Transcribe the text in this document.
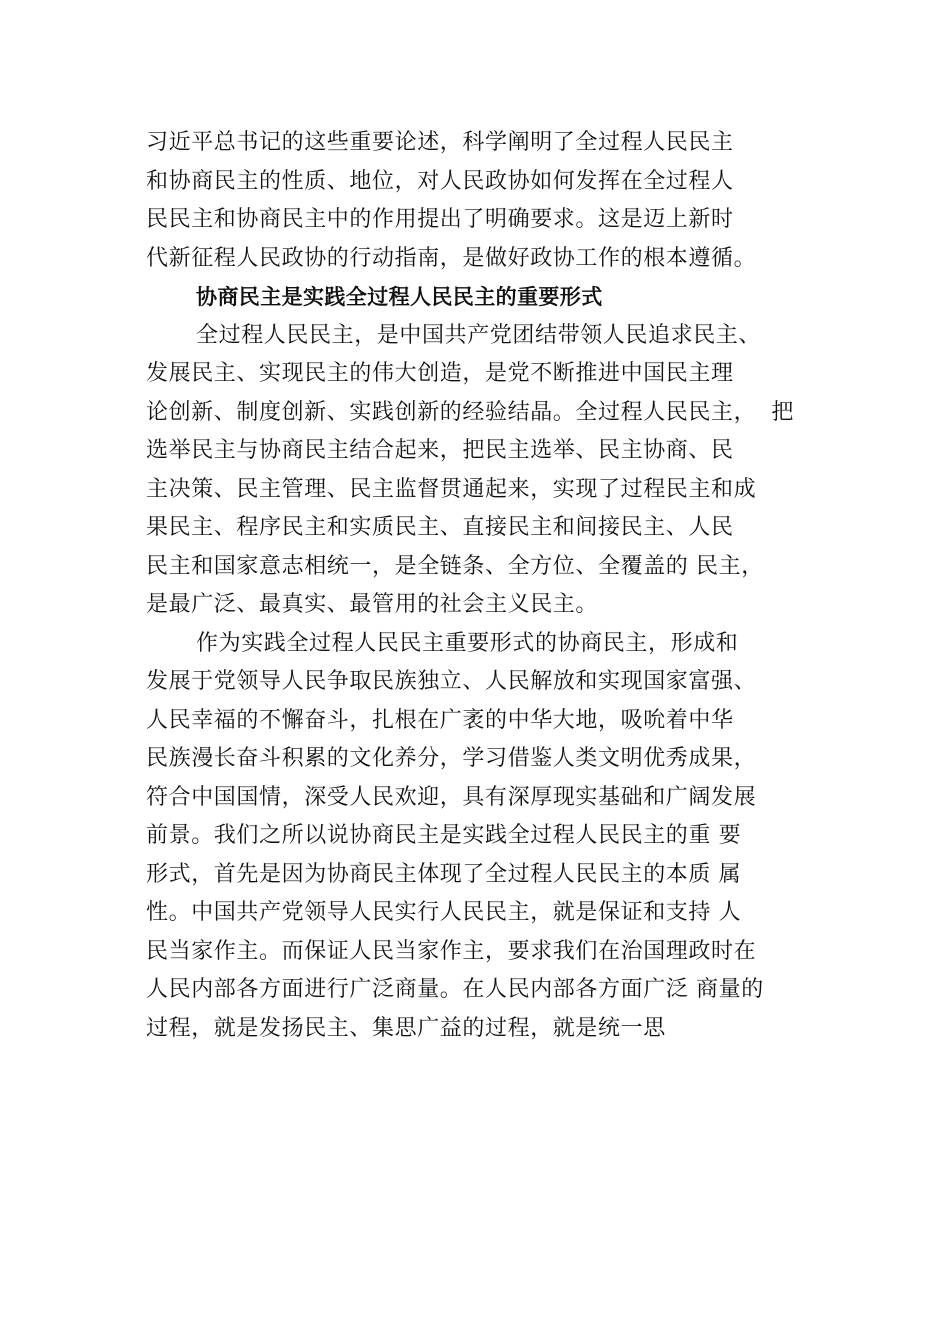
习近平总书记的这些重要论述，科学阐明了全过程人民民主
和协商民主的性质、地位，对人民政协如何发挥在全过程人
民民主和协商民主中的作用提出了明确要求。这是迈上新时
代新征程人民政协的行动指南，是做好政协工作的根本遵循。
协商民主是实践全过程人民民主的重要形式
全过程人民民主，是中国共产党团结带领人民追求民主、
发展民主、实现民主的伟大创造，是党不断推进中国民主理
论创新、制度创新、实践创新的经验结晶。全过程人民民主，  把
选举民主与协商民主结合起来，把民主选举、民主协商、民
主决策、民主管理、民主监督贯通起来，实现了过程民主和成
果民主、程序民主和实质民主、直接民主和间接民主、人民
民主和国家意志相统一，是全链条、全方位、全覆盖的 民主，
是最广泛、最真实、最管用的社会主义民主。
作为实践全过程人民民主重要形式的协商民主，形成和
发展于党领导人民争取民族独立、人民解放和实现国家富强、
人民幸福的不懈奋斗，扎根在广袤的中华大地，吸吮着中华
民族漫长奋斗积累的文化养分，学习借鉴人类文明优秀成果，
符合中国国情，深受人民欢迎，具有深厚现实基础和广阔发展
前景。我们之所以说协商民主是实践全过程人民民主的重 要
形式，首先是因为协商民主体现了全过程人民民主的本质 属
性。中国共产党领导人民实行人民民主，就是保证和支持 人
民当家作主。而保证人民当家作主，要求我们在治国理政时在
人民内部各方面进行广泛商量。在人民内部各方面广泛 商量的
过程，就是发扬民主、集思广益的过程，就是统一思
